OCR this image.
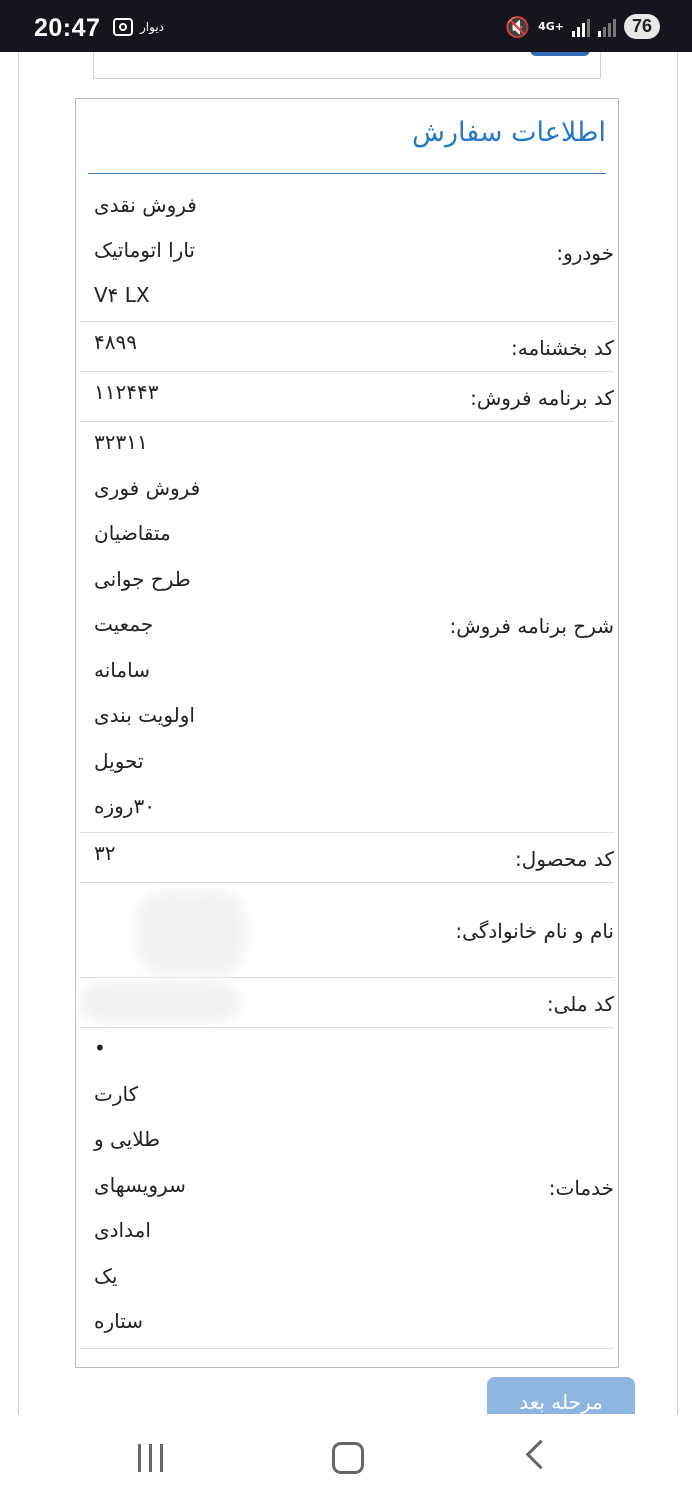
20:47	دیوار	🔇 4G+	76
اطلاعات سفارش
خودرو:
فروش نقدی
تارا اتوماتیک
V۴ LX
کد بخشنامه:
۴۸۹۹
کد برنامه فروش:
۱۱۲۴۴۳
شرح برنامه فروش:
۳۲۳۱۱
فروش فوری
متقاضیان
طرح جوانی
جمعیت
سامانه
اولویت بندی
تحویل
۳۰روزه
کد محصول:
۳۲
نام و نام خانوادگی:
کد ملی:
خدمات:
•
کارت
طلایی و
سرویسهای
امدادی
یک
ستاره
مرحله بعد
